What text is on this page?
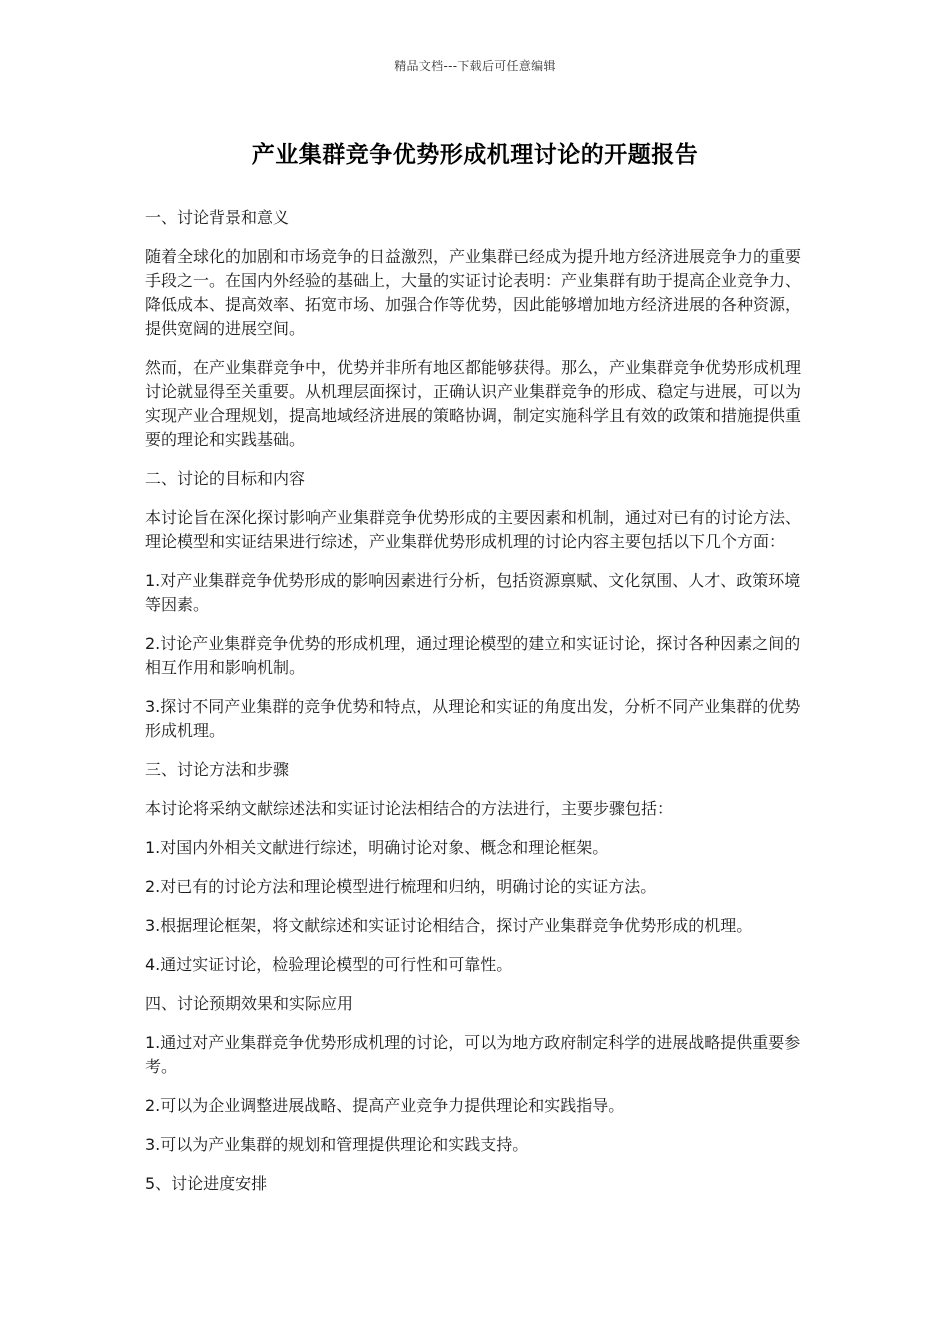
精品文档---下载后可任意编辑
产业集群竞争优势形成机理讨论的开题报告
一、讨论背景和意义

随着全球化的加剧和市场竞争的日益激烈，产业集群已经成为提升地方经济进展竞争力的重要手段之一。在国内外经验的基础上，大量的实证讨论表明：产业集群有助于提高企业竞争力、降低成本、提高效率、拓宽市场、加强合作等优势，因此能够增加地方经济进展的各种资源，提供宽阔的进展空间。

然而，在产业集群竞争中，优势并非所有地区都能够获得。那么，产业集群竞争优势形成机理讨论就显得至关重要。从机理层面探讨，正确认识产业集群竞争的形成、稳定与进展，可以为实现产业合理规划，提高地域经济进展的策略协调，制定实施科学且有效的政策和措施提供重要的理论和实践基础。

二、讨论的目标和内容

本讨论旨在深化探讨影响产业集群竞争优势形成的主要因素和机制，通过对已有的讨论方法、理论模型和实证结果进行综述，产业集群优势形成机理的讨论内容主要包括以下几个方面：

1.对产业集群竞争优势形成的影响因素进行分析，包括资源禀赋、文化氛围、人才、政策环境等因素。

2.讨论产业集群竞争优势的形成机理，通过理论模型的建立和实证讨论，探讨各种因素之间的相互作用和影响机制。

3.探讨不同产业集群的竞争优势和特点，从理论和实证的角度出发，分析不同产业集群的优势形成机理。

三、讨论方法和步骤

本讨论将采纳文献综述法和实证讨论法相结合的方法进行，主要步骤包括：

1.对国内外相关文献进行综述，明确讨论对象、概念和理论框架。

2.对已有的讨论方法和理论模型进行梳理和归纳，明确讨论的实证方法。

3.根据理论框架，将文献综述和实证讨论相结合，探讨产业集群竞争优势形成的机理。

4.通过实证讨论，检验理论模型的可行性和可靠性。

四、讨论预期效果和实际应用

1.通过对产业集群竞争优势形成机理的讨论，可以为地方政府制定科学的进展战略提供重要参考。

2.可以为企业调整进展战略、提高产业竞争力提供理论和实践指导。

3.可以为产业集群的规划和管理提供理论和实践支持。

5、讨论进度安排
